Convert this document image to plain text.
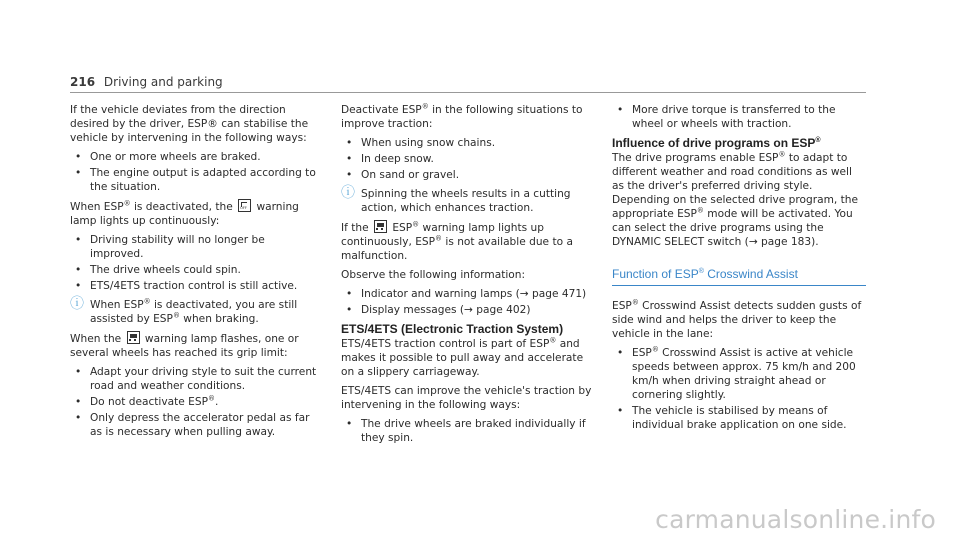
216 Driving and parking

If the vehicle deviates from the direction desired by the driver, ESP® can stabilise the vehicle by intervening in the following ways:

• One or more wheels are braked.
• The engine output is adapted according to the situation.

When ESP® is deactivated, the OFF warning lamp lights up continuously:

• Driving stability will no longer be improved.
• The drive wheels could spin.
• ETS/4ETS traction control is still active.
ⓘ When ESP® is deactivated, you are still assisted by ESP® when braking.

When the  warning lamp flashes, one or several wheels has reached its grip limit:

• Adapt your driving style to suit the current road and weather conditions.
• Do not deactivate ESP®.
• Only depress the accelerator pedal as far as is necessary when pulling away.

Deactivate ESP® in the following situations to improve traction:

• When using snow chains.
• In deep snow.
• On sand or gravel.
ⓘ Spinning the wheels results in a cutting action, which enhances traction.

If the  ESP® warning lamp lights up continuously, ESP® is not available due to a malfunction.

Observe the following information:

• Indicator and warning lamps (→ page 471)
• Display messages (→ page 402)
ETS/4ETS (Electronic Traction System)

ETS/4ETS traction control is part of ESP® and makes it possible to pull away and accelerate on a slippery carriageway.

ETS/4ETS can improve the vehicle's traction by intervening in the following ways:

• The drive wheels are braked individually if they spin.
• More drive torque is transferred to the wheel or wheels with traction.
Influence of drive programs on ESP®

The drive programs enable ESP® to adapt to different weather and road conditions as well as the driver's preferred driving style. Depending on the selected drive program, the appropriate ESP® mode will be activated. You can select the drive programs using the DYNAMIC SELECT switch (→ page 183).

Function of ESP® Crosswind Assist

ESP® Crosswind Assist detects sudden gusts of side wind and helps the driver to keep the vehicle in the lane:

• ESP® Crosswind Assist is active at vehicle speeds between approx. 75 km/h and 200 km/h when driving straight ahead or cornering slightly.
• The vehicle is stabilised by means of individual brake application on one side.
carmanualsonline.info
